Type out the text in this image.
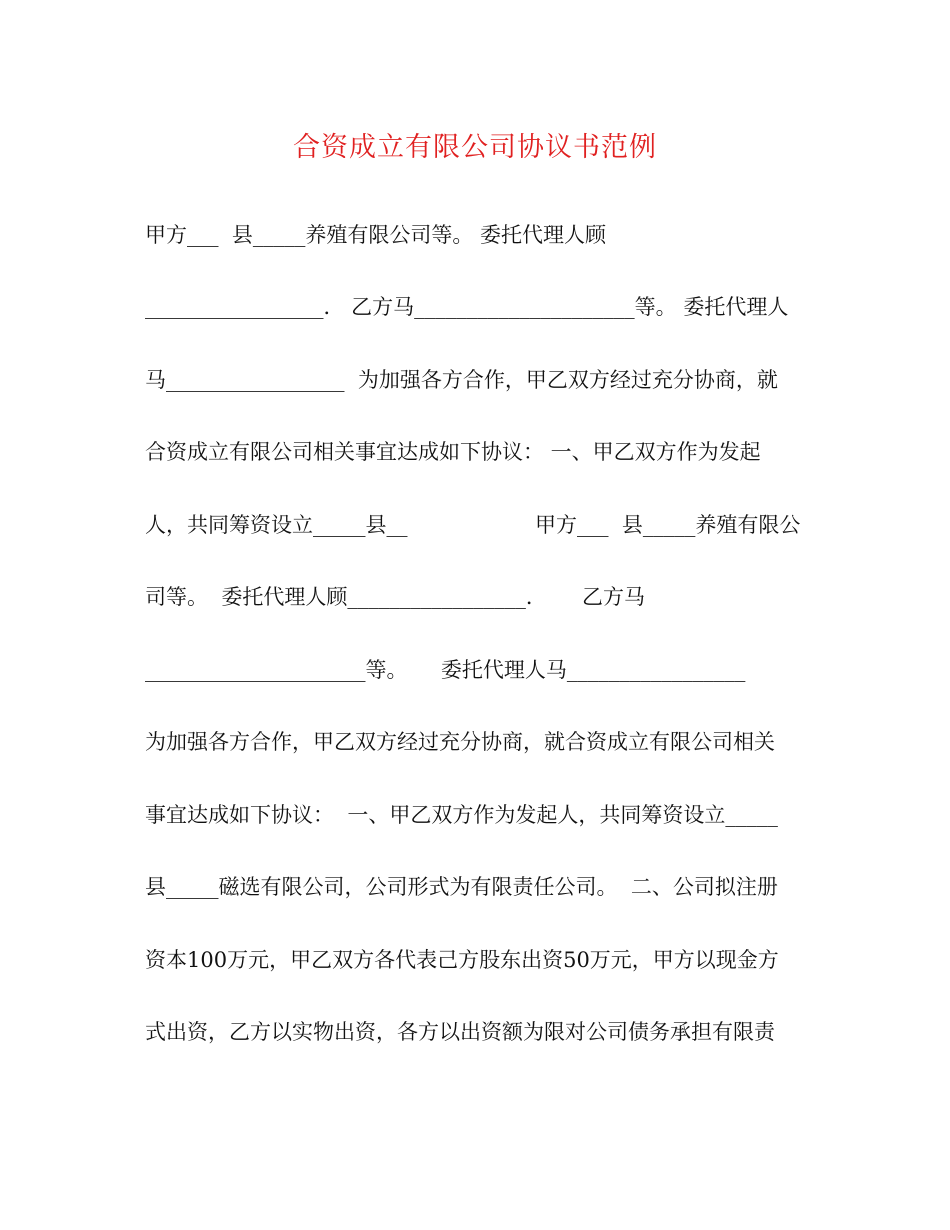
合资成立有限公司协议书范例
甲方___  县_____养殖有限公司等。 委托代理人顾
_________________． 乙方马_____________________等。 委托代理人
马_________________  为加强各方合作，甲乙双方经过充分协商，就
合资成立有限公司相关事宜达成如下协议： 一、甲乙双方作为发起
人，共同筹资设立_____县__	甲方___  县_____养殖有限公
司等。  委托代理人顾_________________． 乙方马
_____________________等。     委托代理人马_________________
为加强各方合作，甲乙双方经过充分协商，就合资成立有限公司相关
事宜达成如下协议：  一、甲乙双方作为发起人，共同筹资设立_____
县_____磁选有限公司，公司形式为有限责任公司。  二、公司拟注册
资本100万元，甲乙双方各代表己方股东出资50万元，甲方以现金方
式出资，乙方以实物出资，各方以出资额为限对公司债务承担有限责
